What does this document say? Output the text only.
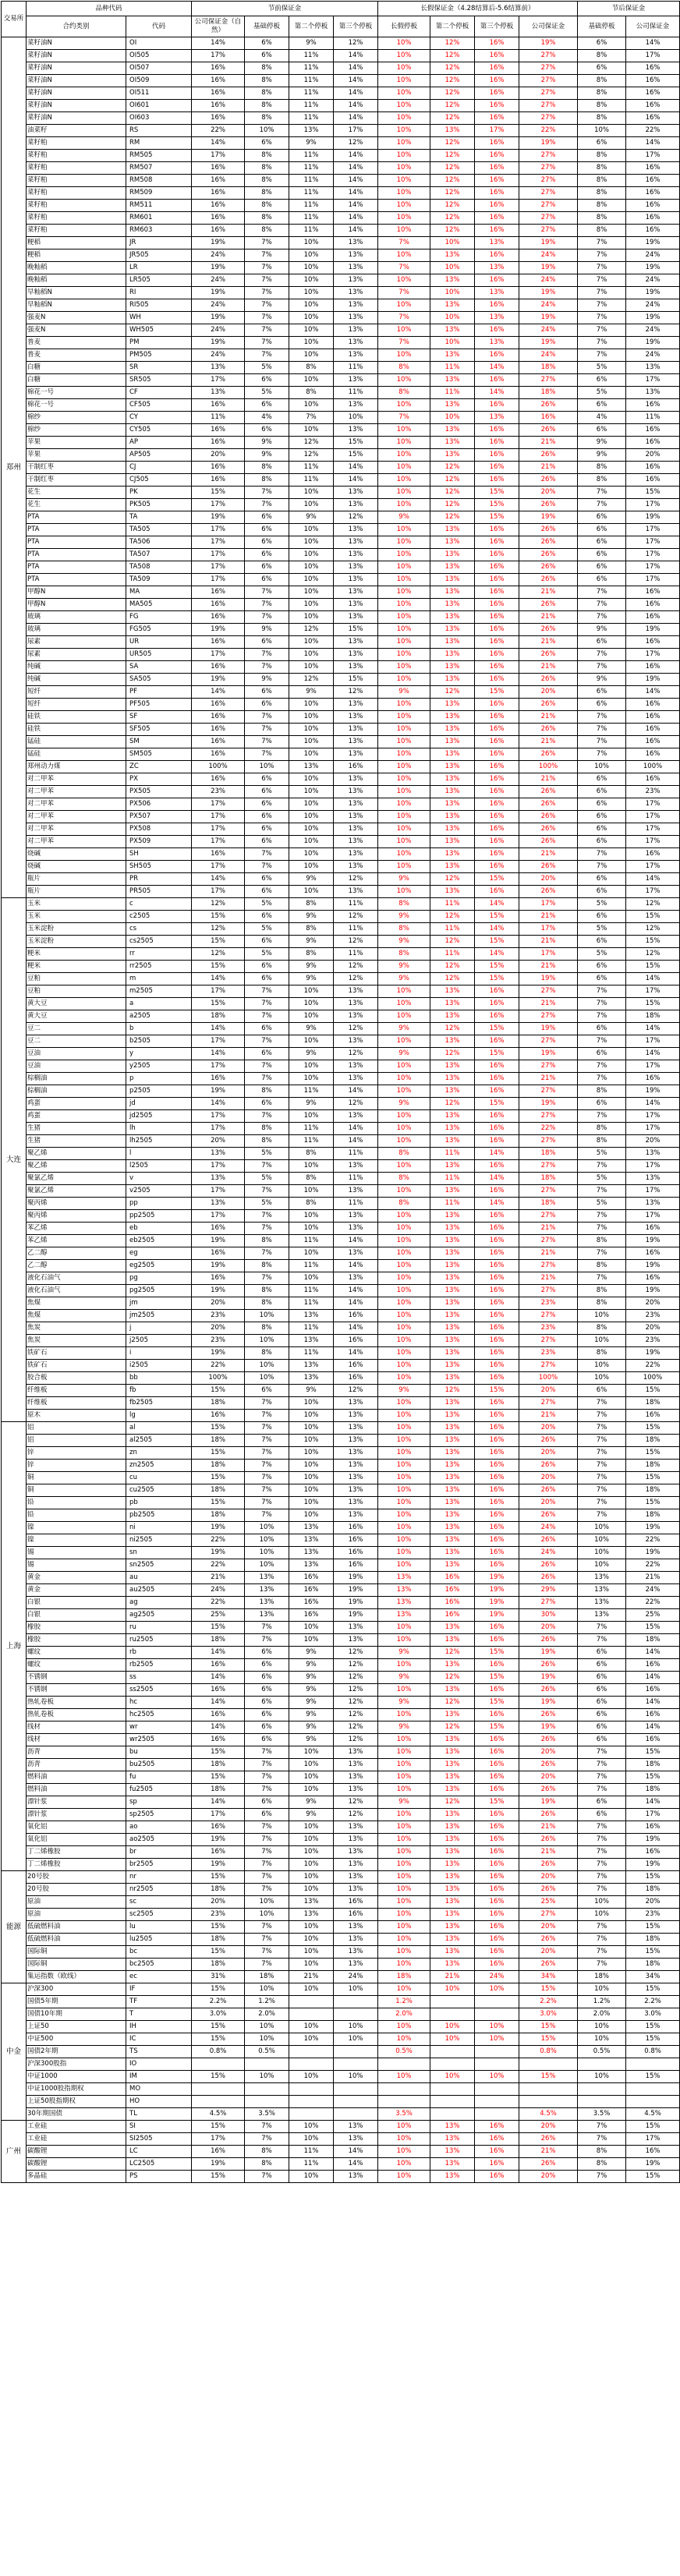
交易所	品种代码		节前保证金				长假保证金（4.28结算后-5.6结算前）				节后保证金	
	合约类别	代码	公司保证金（自然）	基础停板	第二个停板	第三个停板	长假停板	第二个停板	第三个停板	公司保证金	基础停板	公司保证金
郑州	菜籽油N	OI	14%	6%	9%	12%	10%	12%	16%	19%	6%	14%
	菜籽油N	OI505	17%	6%	11%	14%	10%	12%	16%	27%	8%	17%
	菜籽油N	OI507	16%	8%	11%	14%	10%	12%	16%	27%	6%	16%
	菜籽油N	OI509	16%	8%	11%	14%	10%	12%	16%	27%	8%	16%
	菜籽油N	OI511	16%	8%	11%	14%	10%	12%	16%	27%	8%	16%
	菜籽油N	OI601	16%	8%	11%	14%	10%	12%	16%	27%	8%	16%
	菜籽油N	OI603	16%	8%	11%	14%	10%	12%	16%	27%	8%	16%
	油菜籽	RS	22%	10%	13%	17%	10%	13%	17%	22%	10%	22%
	菜籽粕	RM	14%	6%	9%	12%	10%	12%	16%	19%	6%	14%
	菜籽粕	RM505	17%	8%	11%	14%	10%	12%	16%	27%	8%	17%
	菜籽粕	RM507	16%	8%	11%	14%	10%	12%	16%	27%	8%	16%
	菜籽粕	RM508	16%	8%	11%	14%	10%	12%	16%	27%	8%	16%
	菜籽粕	RM509	16%	8%	11%	14%	10%	12%	16%	27%	8%	16%
	菜籽粕	RM511	16%	8%	11%	14%	10%	12%	16%	27%	8%	16%
	菜籽粕	RM601	16%	8%	11%	14%	10%	12%	16%	27%	8%	16%
	菜籽粕	RM603	16%	8%	11%	14%	10%	12%	16%	27%	8%	16%
	粳稻	JR	19%	7%	10%	13%	7%	10%	13%	19%	7%	19%
	粳稻	JR505	24%	7%	10%	13%	10%	13%	16%	24%	7%	24%
	晚籼稻	LR	19%	7%	10%	13%	7%	10%	13%	19%	7%	19%
	晚籼稻	LR505	24%	7%	10%	13%	10%	13%	16%	24%	7%	24%
	早籼稻N	RI	19%	7%	10%	13%	7%	10%	13%	19%	7%	19%
	早籼稻N	RI505	24%	7%	10%	13%	10%	13%	16%	24%	7%	24%
	强麦N	WH	19%	7%	10%	13%	7%	10%	13%	19%	7%	19%
	强麦N	WH505	24%	7%	10%	13%	10%	13%	16%	24%	7%	24%
	普麦	PM	19%	7%	10%	13%	7%	10%	13%	19%	7%	19%
	普麦	PM505	24%	7%	10%	13%	10%	13%	16%	24%	7%	24%
	白糖	SR	13%	5%	8%	11%	8%	11%	14%	18%	5%	13%
	白糖	SR505	17%	6%	10%	13%	10%	13%	16%	27%	6%	17%
	棉花一号	CF	13%	5%	8%	11%	8%	11%	14%	18%	5%	13%
	棉花一号	CF505	16%	6%	10%	13%	10%	13%	16%	26%	6%	16%
	棉纱	CY	11%	4%	7%	10%	7%	10%	13%	16%	4%	11%
	棉纱	CY505	16%	6%	10%	13%	10%	13%	16%	26%	6%	16%
	苹果	AP	16%	9%	12%	15%	10%	13%	16%	21%	9%	16%
	苹果	AP505	20%	9%	12%	15%	10%	13%	16%	26%	9%	20%
	干制红枣	CJ	16%	8%	11%	14%	10%	12%	16%	21%	8%	16%
	干制红枣	CJ505	16%	8%	11%	14%	10%	12%	16%	26%	8%	16%
	花生	PK	15%	7%	10%	13%	10%	12%	15%	20%	7%	15%
	花生	PK505	17%	7%	10%	13%	10%	12%	15%	26%	7%	17%
	PTA	TA	19%	6%	9%	12%	9%	12%	15%	19%	6%	19%
	PTA	TA505	17%	6%	10%	13%	10%	13%	16%	26%	6%	17%
	PTA	TA506	17%	6%	10%	13%	10%	13%	16%	26%	6%	17%
	PTA	TA507	17%	6%	10%	13%	10%	13%	16%	26%	6%	17%
	PTA	TA508	17%	6%	10%	13%	10%	13%	16%	26%	6%	17%
	PTA	TA509	17%	6%	10%	13%	10%	13%	16%	26%	6%	17%
	甲醇N	MA	16%	7%	10%	13%	10%	13%	16%	21%	7%	16%
	甲醇N	MA505	16%	7%	10%	13%	10%	13%	16%	26%	7%	16%
	玻璃	FG	16%	7%	10%	13%	10%	13%	16%	21%	7%	16%
	玻璃	FG505	19%	9%	12%	15%	10%	13%	16%	26%	9%	19%
	尿素	UR	16%	6%	10%	13%	10%	13%	16%	21%	6%	16%
	尿素	UR505	17%	7%	10%	13%	10%	13%	16%	26%	7%	17%
	纯碱	SA	16%	7%	10%	13%	10%	13%	16%	21%	7%	16%
	纯碱	SA505	19%	9%	12%	15%	10%	13%	16%	26%	9%	19%
	短纤	PF	14%	6%	9%	12%	9%	12%	15%	20%	6%	14%
	短纤	PF505	16%	6%	10%	13%	10%	13%	16%	26%	6%	16%
	硅铁	SF	16%	7%	10%	13%	10%	13%	16%	21%	7%	16%
	硅铁	SF505	16%	7%	10%	13%	10%	13%	16%	26%	7%	16%
	锰硅	SM	16%	7%	10%	13%	10%	13%	16%	21%	7%	16%
	锰硅	SM505	16%	7%	10%	13%	10%	13%	16%	26%	7%	16%
	郑州动力煤	ZC	100%	10%	13%	16%	10%	13%	16%	100%	10%	100%
	对二甲苯	PX	16%	6%	10%	13%	10%	13%	16%	21%	6%	16%
	对二甲苯	PX505	23%	6%	10%	13%	10%	13%	16%	26%	6%	23%
	对二甲苯	PX506	17%	6%	10%	13%	10%	13%	16%	26%	6%	17%
	对二甲苯	PX507	17%	6%	10%	13%	10%	13%	16%	26%	6%	17%
	对二甲苯	PX508	17%	6%	10%	13%	10%	13%	16%	26%	6%	17%
	对二甲苯	PX509	17%	6%	10%	13%	10%	13%	16%	26%	6%	17%
	烧碱	SH	16%	7%	10%	13%	10%	13%	16%	21%	7%	16%
	烧碱	SH505	17%	7%	10%	13%	10%	13%	16%	26%	7%	17%
	瓶片	PR	14%	6%	9%	12%	9%	12%	15%	20%	6%	14%
	瓶片	PR505	17%	6%	10%	13%	10%	13%	16%	26%	6%	17%
大连	玉米	c	12%	5%	8%	11%	8%	11%	14%	17%	5%	12%
	玉米	c2505	15%	6%	9%	12%	9%	12%	15%	21%	6%	15%
	玉米淀粉	cs	12%	5%	8%	11%	8%	11%	14%	17%	5%	12%
	玉米淀粉	cs2505	15%	6%	9%	12%	9%	12%	15%	21%	6%	15%
	粳米	rr	12%	5%	8%	11%	8%	11%	14%	17%	5%	12%
	粳米	rr2505	15%	6%	9%	12%	9%	12%	15%	21%	6%	15%
	豆粕	m	14%	6%	9%	12%	9%	12%	15%	19%	6%	14%
	豆粕	m2505	17%	7%	10%	13%	10%	13%	16%	27%	7%	17%
	黄大豆	a	15%	7%	10%	13%	10%	13%	16%	21%	7%	15%
	黄大豆	a2505	18%	7%	10%	13%	10%	13%	16%	27%	7%	18%
	豆二	b	14%	6%	9%	12%	9%	12%	15%	19%	6%	14%
	豆二	b2505	17%	7%	10%	13%	10%	13%	16%	27%	7%	17%
	豆油	y	14%	6%	9%	12%	9%	12%	15%	19%	6%	14%
	豆油	y2505	17%	7%	10%	13%	10%	13%	16%	27%	7%	17%
	棕榈油	p	16%	7%	10%	13%	10%	13%	16%	21%	7%	16%
	棕榈油	p2505	19%	8%	11%	14%	10%	13%	16%	27%	8%	19%
	鸡蛋	jd	14%	6%	9%	12%	9%	12%	15%	19%	6%	14%
	鸡蛋	jd2505	17%	7%	10%	13%	10%	13%	16%	27%	7%	17%
	生猪	lh	17%	8%	11%	14%	10%	13%	16%	22%	8%	17%
	生猪	lh2505	20%	8%	11%	14%	10%	13%	16%	27%	8%	20%
	聚乙烯	l	13%	5%	8%	11%	8%	11%	14%	18%	5%	13%
	聚乙烯	l2505	17%	7%	10%	13%	10%	13%	16%	27%	7%	17%
	聚氯乙烯	v	13%	5%	8%	11%	8%	11%	14%	18%	5%	13%
	聚氯乙烯	v2505	17%	7%	10%	13%	10%	13%	16%	27%	7%	17%
	聚丙烯	pp	13%	5%	8%	11%	8%	11%	14%	18%	5%	13%
	聚丙烯	pp2505	17%	7%	10%	13%	10%	13%	16%	27%	7%	17%
	苯乙烯	eb	16%	7%	10%	13%	10%	13%	16%	21%	7%	16%
	苯乙烯	eb2505	19%	8%	11%	14%	10%	13%	16%	27%	8%	19%
	乙二醇	eg	16%	7%	10%	13%	10%	13%	16%	21%	7%	16%
	乙二醇	eg2505	19%	8%	11%	14%	10%	13%	16%	27%	8%	19%
	液化石油气	pg	16%	7%	10%	13%	10%	13%	16%	21%	7%	16%
	液化石油气	pg2505	19%	8%	11%	14%	10%	13%	16%	27%	8%	19%
	焦煤	jm	20%	8%	11%	14%	10%	13%	16%	23%	8%	20%
	焦煤	jm2505	23%	10%	13%	16%	10%	13%	16%	27%	10%	23%
	焦炭	j	20%	8%	11%	14%	10%	13%	16%	23%	8%	20%
	焦炭	j2505	23%	10%	13%	16%	10%	13%	16%	27%	10%	23%
	铁矿石	i	19%	8%	11%	14%	10%	13%	16%	23%	8%	19%
	铁矿石	i2505	22%	10%	13%	16%	10%	13%	16%	27%	10%	22%
	胶合板	bb	100%	10%	13%	16%	10%	13%	16%	100%	10%	100%
	纤维板	fb	15%	6%	9%	12%	9%	12%	15%	20%	6%	15%
	纤维板	fb2505	18%	7%	10%	13%	10%	13%	16%	27%	7%	18%
	原木	lg	16%	7%	10%	13%	10%	13%	16%	21%	7%	16%
上海	铝	al	15%	7%	10%	13%	10%	13%	16%	20%	7%	15%
	铝	al2505	18%	7%	10%	13%	10%	13%	16%	26%	7%	18%
	锌	zn	15%	7%	10%	13%	10%	13%	16%	20%	7%	15%
	锌	zn2505	18%	7%	10%	13%	10%	13%	16%	26%	7%	18%
	铜	cu	15%	7%	10%	13%	10%	13%	16%	20%	7%	15%
	铜	cu2505	18%	7%	10%	13%	10%	13%	16%	26%	7%	18%
	铅	pb	15%	7%	10%	13%	10%	13%	16%	20%	7%	15%
	铅	pb2505	18%	7%	10%	13%	10%	13%	16%	26%	7%	18%
	镍	ni	19%	10%	13%	16%	10%	13%	16%	24%	10%	19%
	镍	ni2505	22%	10%	13%	16%	10%	13%	16%	26%	10%	22%
	锡	sn	19%	10%	13%	16%	10%	13%	16%	24%	10%	19%
	锡	sn2505	22%	10%	13%	16%	10%	13%	16%	26%	10%	22%
	黄金	au	21%	13%	16%	19%	13%	16%	19%	26%	13%	21%
	黄金	au2505	24%	13%	16%	19%	13%	16%	19%	29%	13%	24%
	白银	ag	22%	13%	16%	19%	13%	16%	19%	27%	13%	22%
	白银	ag2505	25%	13%	16%	19%	13%	16%	19%	30%	13%	25%
	橡胶	ru	15%	7%	10%	13%	10%	13%	16%	20%	7%	15%
	橡胶	ru2505	18%	7%	10%	13%	10%	13%	16%	26%	7%	18%
	螺纹	rb	14%	6%	9%	12%	9%	12%	15%	19%	6%	14%
	螺纹	rb2505	16%	6%	9%	12%	10%	13%	16%	26%	6%	16%
	不锈钢	ss	14%	6%	9%	12%	9%	12%	15%	19%	6%	14%
	不锈钢	ss2505	16%	6%	9%	12%	10%	13%	16%	26%	6%	16%
	热轧卷板	hc	14%	6%	9%	12%	9%	12%	15%	19%	6%	14%
	热轧卷板	hc2505	16%	6%	9%	12%	10%	13%	16%	26%	6%	16%
	线材	wr	14%	6%	9%	12%	9%	12%	15%	19%	6%	14%
	线材	wr2505	16%	6%	9%	12%	10%	13%	16%	26%	6%	16%
	沥青	bu	15%	7%	10%	13%	10%	13%	16%	20%	7%	15%
	沥青	bu2505	18%	7%	10%	13%	10%	13%	16%	26%	7%	18%
	燃料油	fu	15%	7%	10%	13%	10%	13%	16%	20%	7%	15%
	燃料油	fu2505	18%	7%	10%	13%	10%	13%	16%	26%	7%	18%
	漂针浆	sp	14%	6%	9%	12%	9%	12%	15%	19%	6%	14%
	漂针浆	sp2505	17%	6%	9%	12%	10%	13%	16%	26%	6%	17%
	氧化铝	ao	16%	7%	10%	13%	10%	13%	16%	21%	7%	16%
	氧化铝	ao2505	19%	7%	10%	13%	10%	13%	16%	26%	7%	19%
	丁二烯橡胶	br	16%	7%	10%	13%	10%	13%	16%	21%	7%	16%
	丁二烯橡胶	br2505	19%	7%	10%	13%	10%	13%	16%	26%	7%	19%
能源	20号胶	nr	15%	7%	10%	13%	10%	13%	16%	20%	7%	15%
	20号胶	nr2505	18%	7%	10%	13%	10%	13%	16%	26%	7%	18%
	原油	sc	20%	10%	13%	16%	10%	13%	16%	25%	10%	20%
	原油	sc2505	23%	10%	13%	16%	10%	13%	16%	27%	10%	23%
	低硫燃料油	lu	15%	7%	10%	13%	10%	13%	16%	20%	7%	15%
	低硫燃料油	lu2505	18%	7%	10%	13%	10%	13%	16%	26%	7%	18%
	国际铜	bc	15%	7%	10%	13%	10%	13%	16%	20%	7%	15%
	国际铜	bc2505	18%	7%	10%	13%	10%	13%	16%	26%	7%	18%
	集运指数（欧线）	ec	31%	18%	21%	24%	18%	21%	24%	34%	18%	34%
中金	沪深300	IF	15%	10%	10%	10%	10%	10%	10%	15%	10%	15%
	国债5年期	TF	2.2%	1.2%			1.2%			2.2%	1.2%	2.2%
	国债10年期	T	3.0%	2.0%			2.0%			3.0%	2.0%	3.0%
	上证50	IH	15%	10%	10%	10%	10%	10%	10%	15%	10%	15%
	中证500	IC	15%	10%	10%	10%	10%	10%	10%	15%	10%	15%
	国债2年期	TS	0.8%	0.5%			0.5%			0.8%	0.5%	0.8%
	沪深300股指	IO										
	中证1000	IM	15%	10%	10%	10%	10%	10%	10%	15%	10%	15%
	中证1000股指期权	MO										
	上证50股指期权	HO										
	30年期国债	TL	4.5%	3.5%			3.5%			4.5%	3.5%	4.5%
广州	工业硅	SI	15%	7%	10%	13%	10%	13%	16%	20%	7%	15%
	工业硅	SI2505	17%	7%	10%	13%	10%	13%	16%	26%	7%	17%
	碳酸锂	LC	16%	8%	11%	14%	10%	13%	16%	21%	8%	16%
	碳酸锂	LC2505	19%	8%	11%	14%	10%	13%	16%	26%	8%	19%
	多晶硅	PS	15%	7%	10%	13%	10%	13%	16%	20%	7%	15%
